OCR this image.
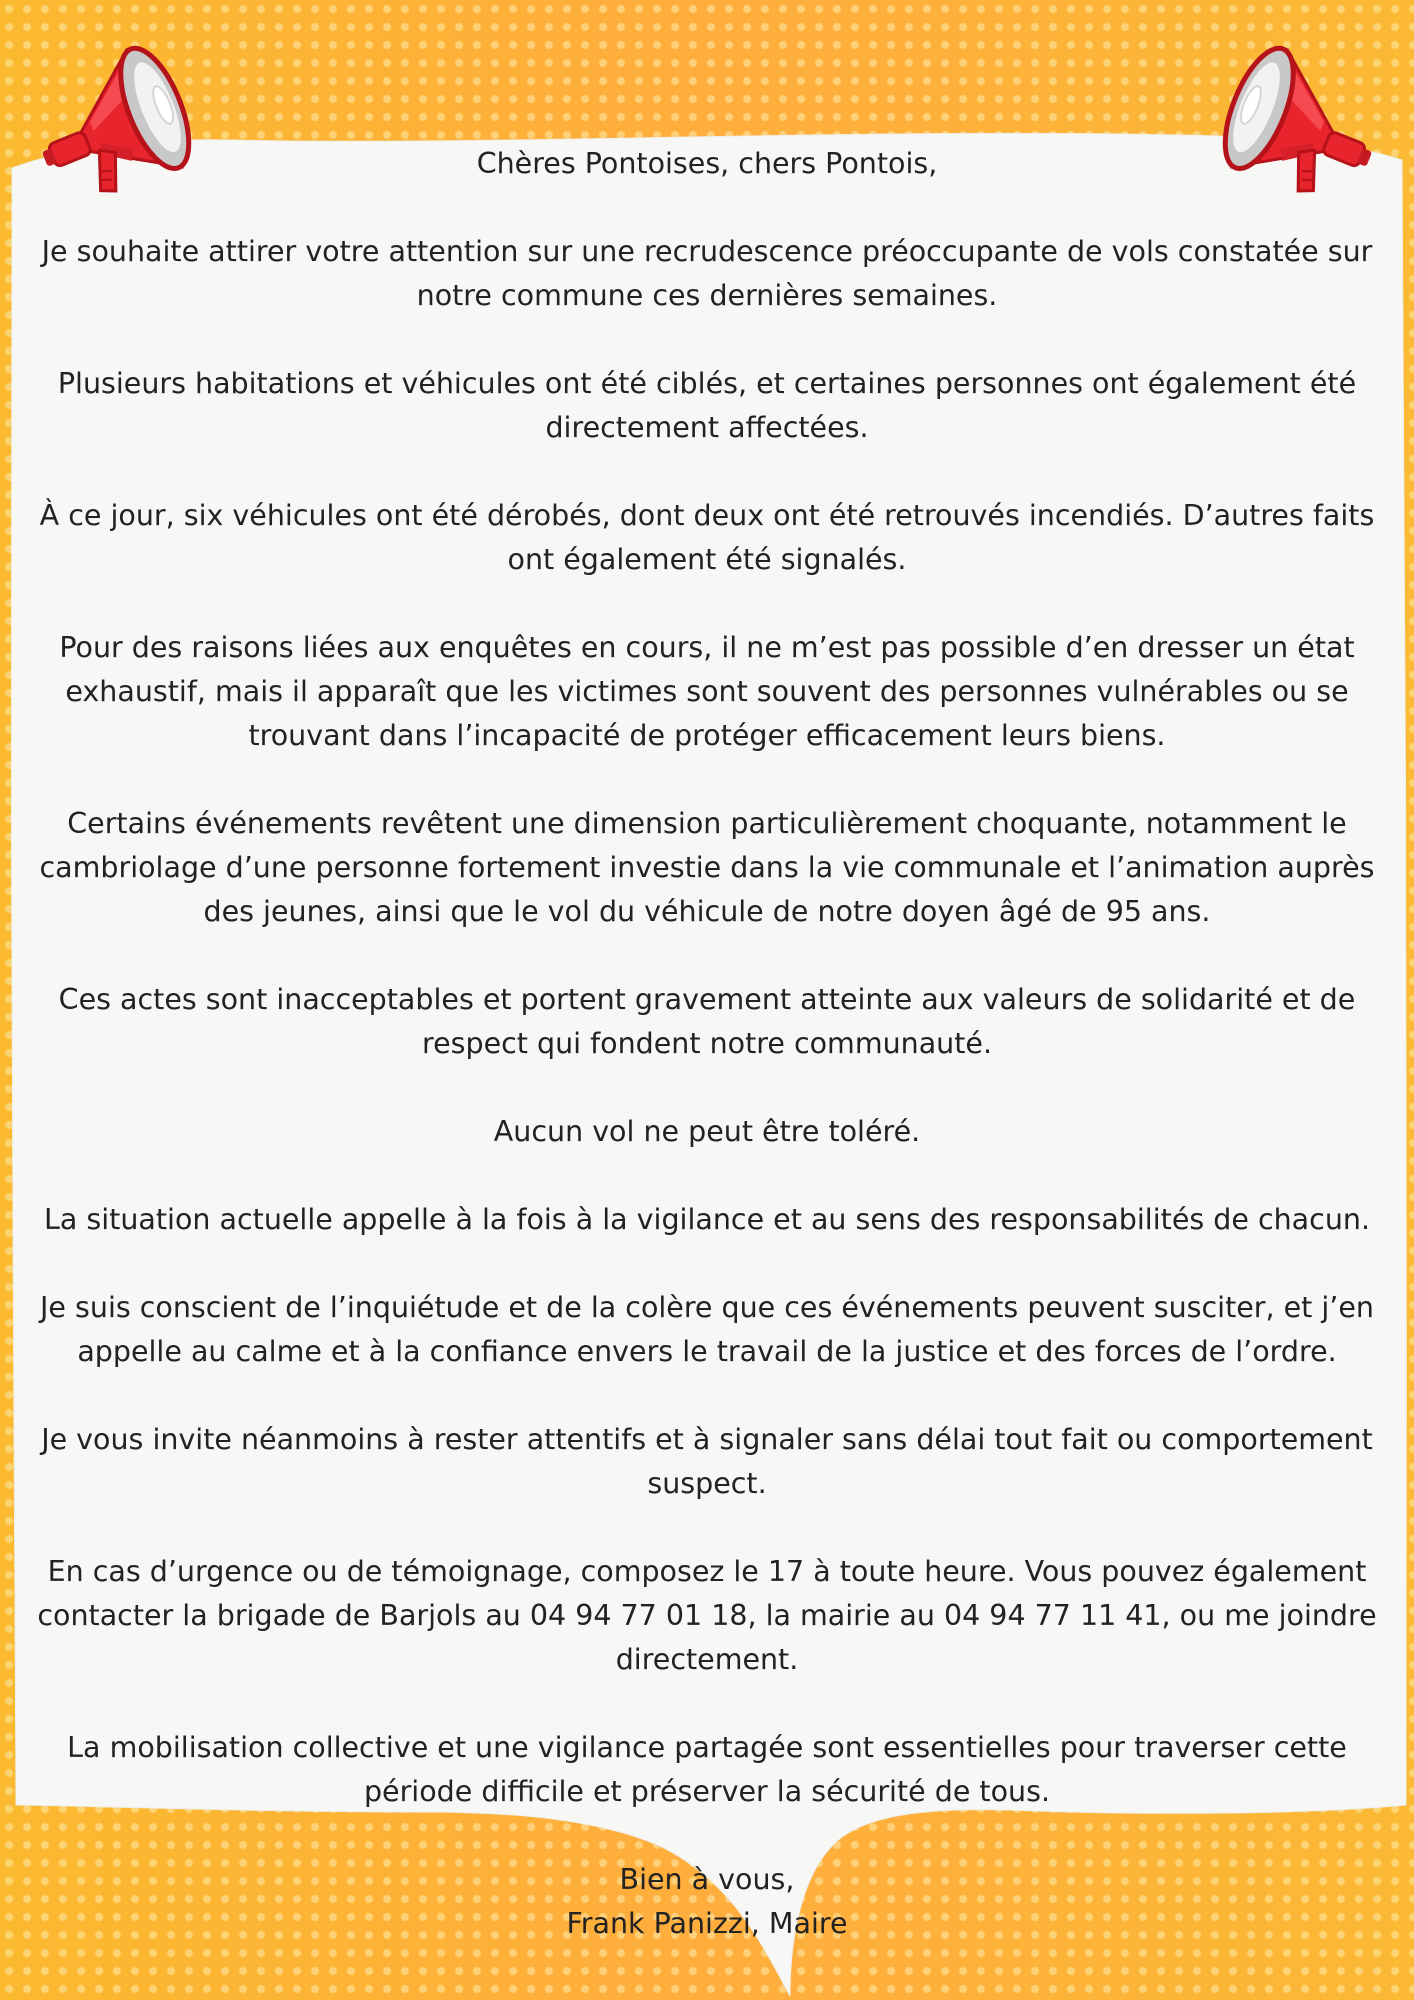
Chères Pontoises, chers Pontois,

Je souhaite attirer votre attention sur une recrudescence préoccupante de vols constatée sur notre commune ces dernières semaines.

Plusieurs habitations et véhicules ont été ciblés, et certaines personnes ont également été directement affectées.

À ce jour, six véhicules ont été dérobés, dont deux ont été retrouvés incendiés. D’autres faits ont également été signalés.

Pour des raisons liées aux enquêtes en cours, il ne m’est pas possible d’en dresser un état exhaustif, mais il apparaît que les victimes sont souvent des personnes vulnérables ou se trouvant dans l’incapacité de protéger efficacement leurs biens.

Certains événements revêtent une dimension particulièrement choquante, notamment le cambriolage d’une personne fortement investie dans la vie communale et l’animation auprès des jeunes, ainsi que le vol du véhicule de notre doyen âgé de 95 ans.

Ces actes sont inacceptables et portent gravement atteinte aux valeurs de solidarité et de respect qui fondent notre communauté.

Aucun vol ne peut être toléré.

La situation actuelle appelle à la fois à la vigilance et au sens des responsabilités de chacun.

Je suis conscient de l’inquiétude et de la colère que ces événements peuvent susciter, et j’en appelle au calme et à la confiance envers le travail de la justice et des forces de l’ordre.

Je vous invite néanmoins à rester attentifs et à signaler sans délai tout fait ou comportement suspect.

En cas d’urgence ou de témoignage, composez le 17 à toute heure. Vous pouvez également contacter la brigade de Barjols au 04 94 77 01 18, la mairie au 04 94 77 11 41, ou me joindre directement.

La mobilisation collective et une vigilance partagée sont essentielles pour traverser cette période difficile et préserver la sécurité de tous.

Bien à vous,
Frank Panizzi, Maire
